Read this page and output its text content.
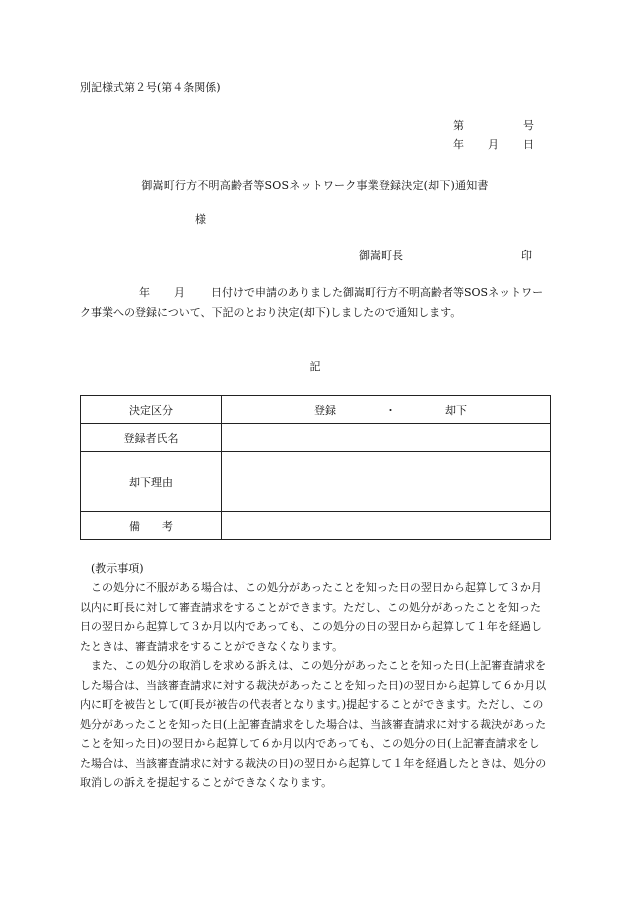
別記様式第２号(第４条関係)
第	号
年 月 日
御嵩町行方不明高齢者等SOSネットワーク事業登録決定(却下)通知書
様
御嵩町長	印
年 月 日付けで申請のありました御嵩町行方不明高齢者等SOSネットワーク事業への登録について、下記のとおり決定(却下)しましたので通知します。
記
決定区分	登録 ・ 却下

登録者氏名	
却下理由	
備　　考	
(教示事項)
この処分に不服がある場合は、この処分があったことを知った日の翌日から起算して３か月以内に町長に対して審査請求をすることができます。ただし、この処分があったことを知った日の翌日から起算して３か月以内であっても、この処分の日の翌日から起算して１年を経過したときは、審査請求をすることができなくなります。
また、この処分の取消しを求める訴えは、この処分があったことを知った日(上記審査請求をした場合は、当該審査請求に対する裁決があったことを知った日)の翌日から起算して６か月以内に町を被告として(町長が被告の代表者となります。)提起することができます。ただし、この処分があったことを知った日(上記審査請求をした場合は、当該審査請求に対する裁決があったことを知った日)の翌日から起算して６か月以内であっても、この処分の日(上記審査請求をした場合は、当該審査請求に対する裁決の日)の翌日から起算して１年を経過したときは、処分の取消しの訴えを提起することができなくなります。
